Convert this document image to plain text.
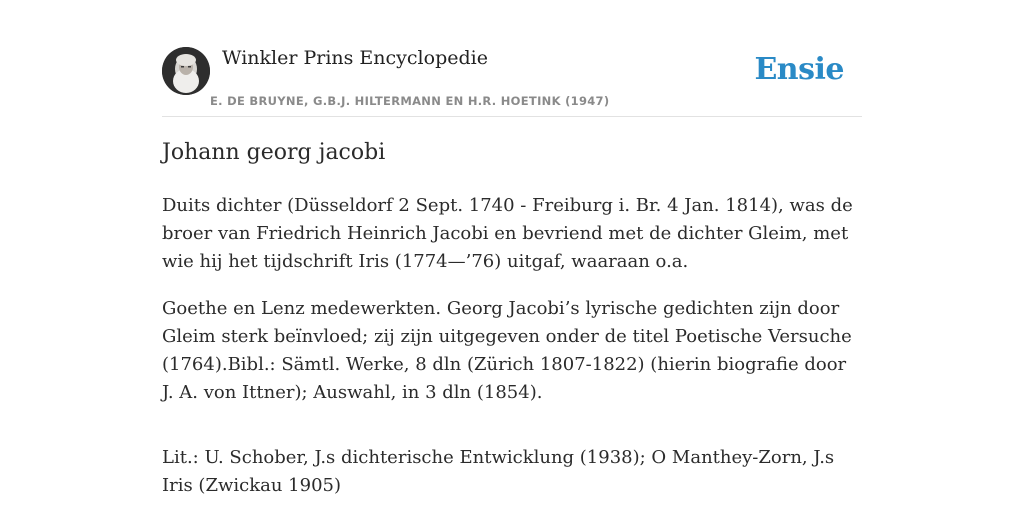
Winkler Prins Encyclopedie
E. DE BRUYNE, G.B.J. HILTERMANN EN H.R. HOETINK (1947)
Ensie
Johann georg jacobi

Duits dichter (Düsseldorf 2 Sept. 1740 - Freiburg i. Br. 4 Jan. 1814), was de broer van Friedrich Heinrich Jacobi en bevriend met de dichter Gleim, met wie hij het tijdschrift Iris (1774—’76) uitgaf, waaraan o.a.

Goethe en Lenz medewerkten. Georg Jacobi’s lyrische gedichten zijn door Gleim sterk beïnvloed; zij zijn uitgegeven onder de titel Poetische Versuche (1764).Bibl.: Sämtl. Werke, 8 dln (Zürich 1807-1822) (hierin biografie door J. A. von Ittner); Auswahl, in 3 dln (1854).

Lit.: U. Schober, J.s dichterische Entwicklung (1938); O Manthey-Zorn, J.s Iris (Zwickau 1905)
